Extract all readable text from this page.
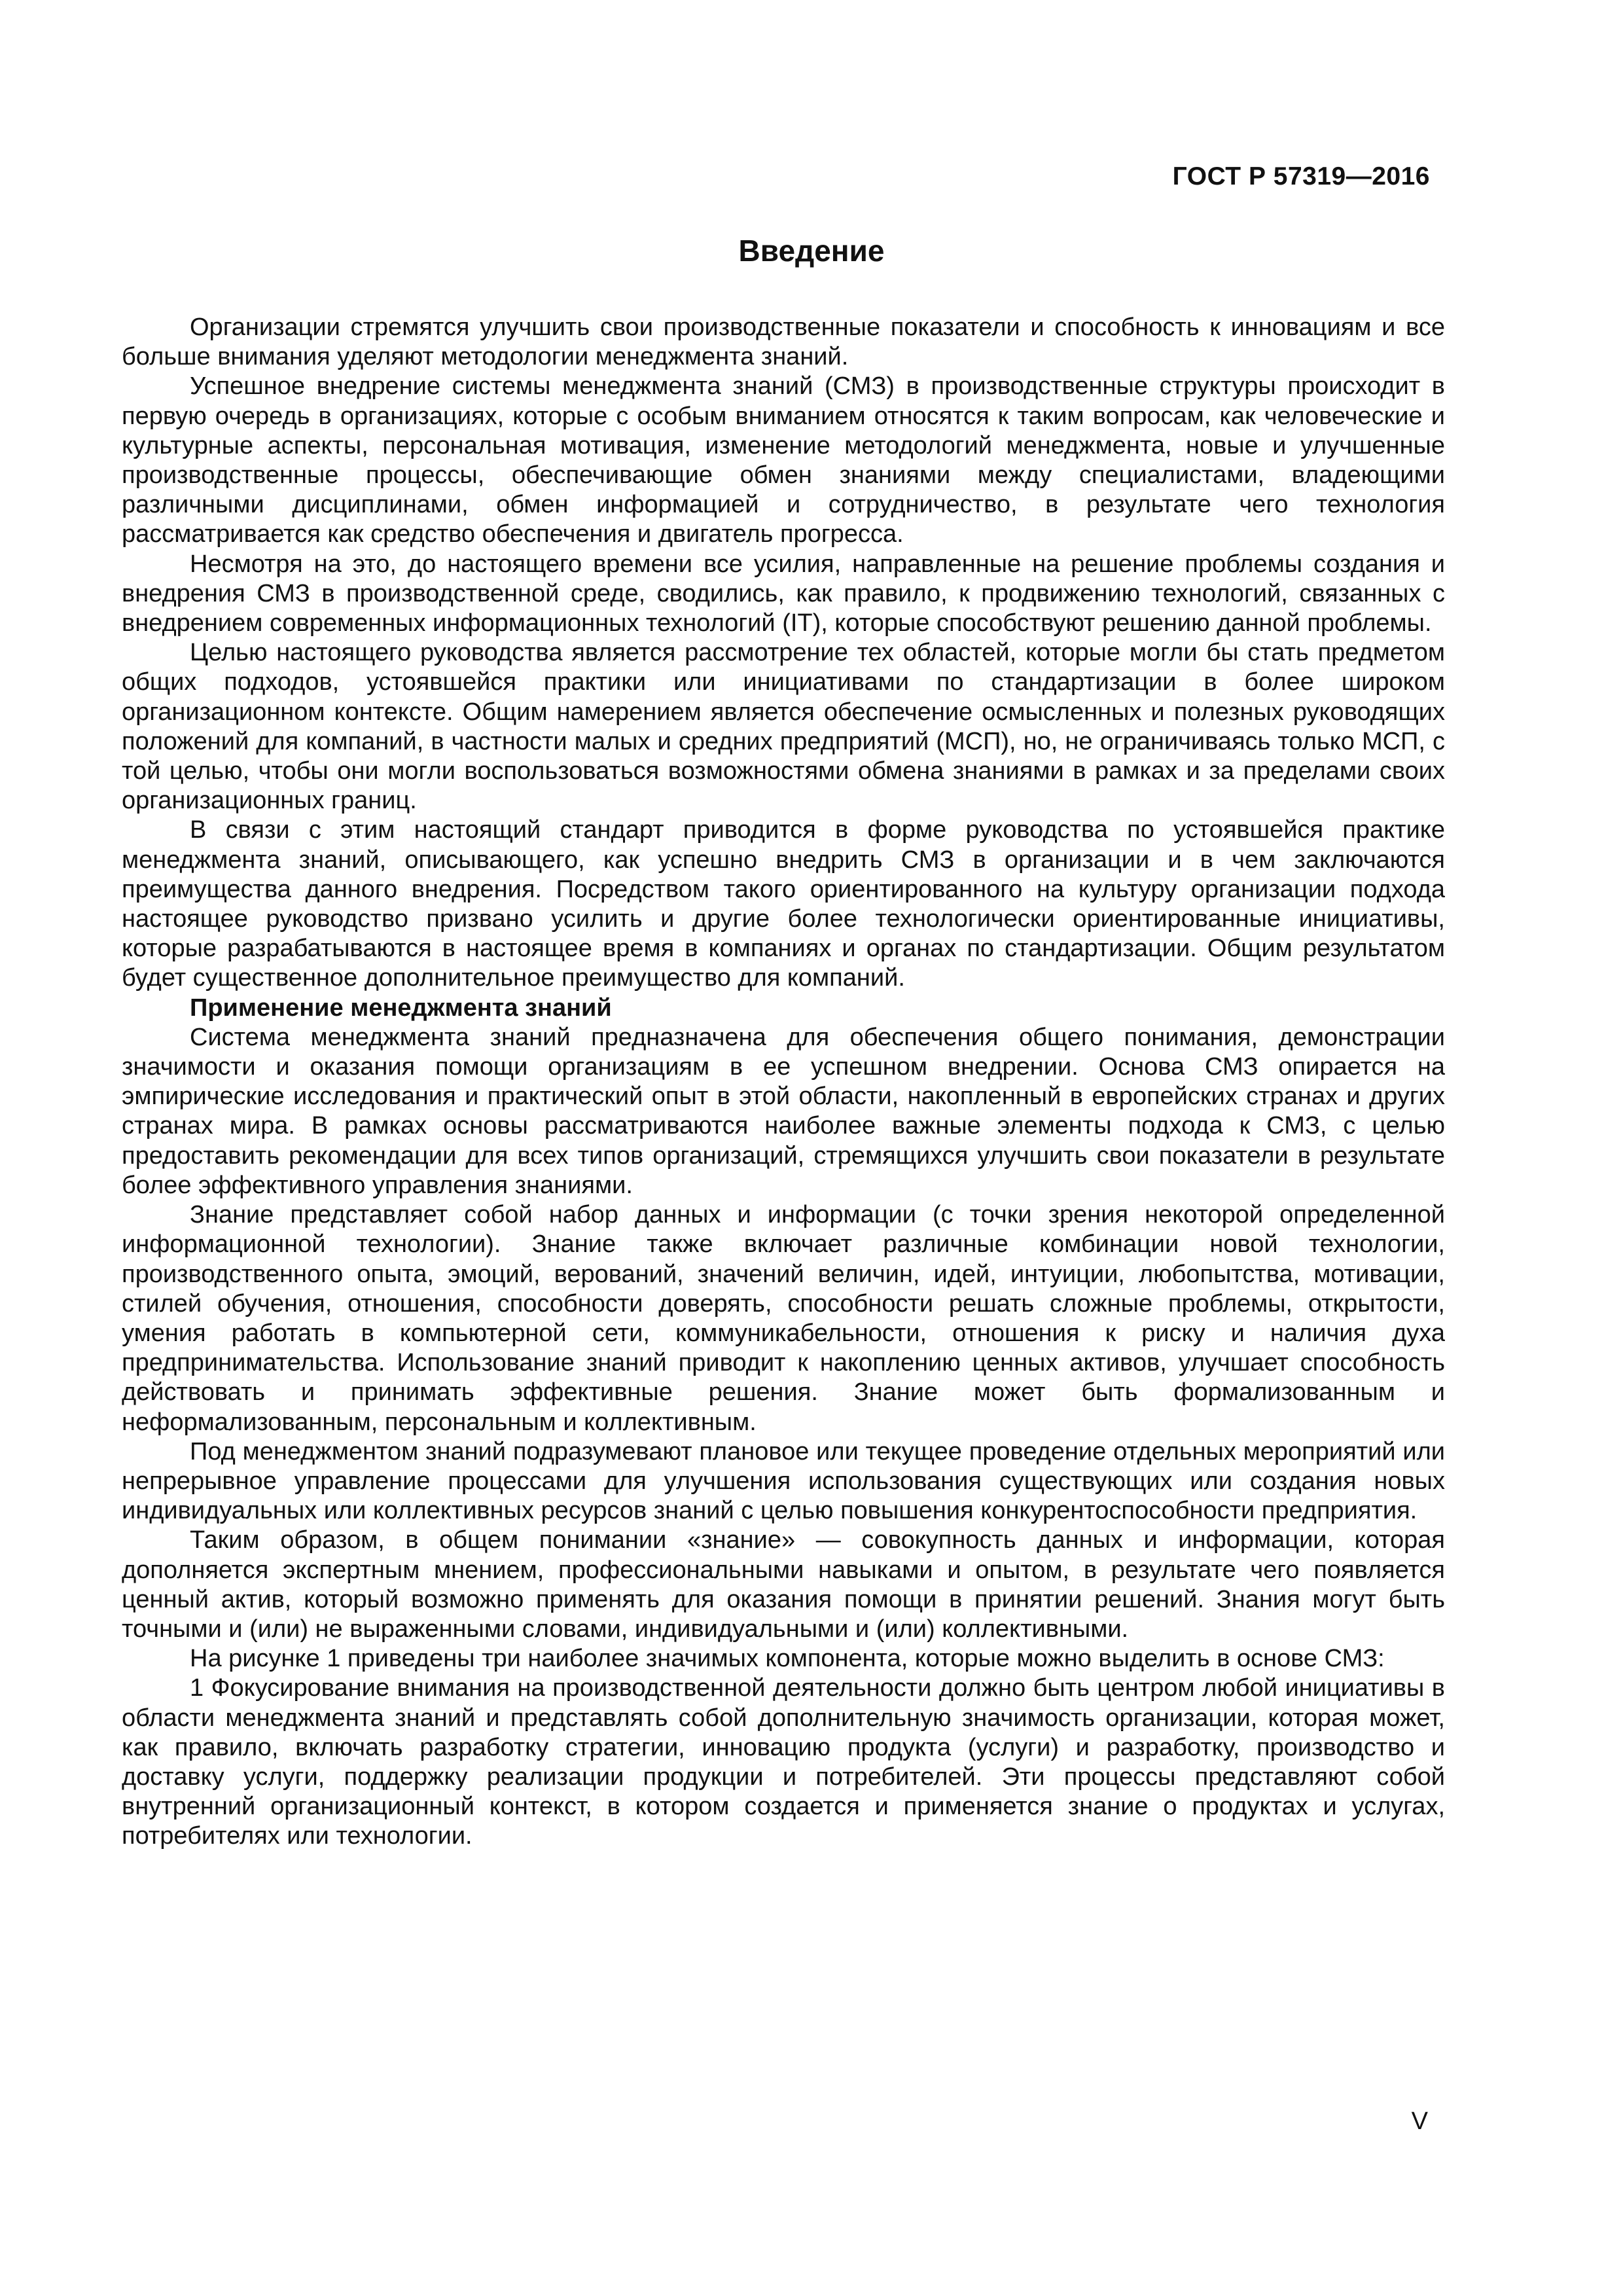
ГОСТ Р 57319—2016
Введение

Организации стремятся улучшить свои производственные показатели и способность к инновациям и все больше внимания уделяют методологии менеджмента знаний.

Успешное внедрение системы менеджмента знаний (СМЗ) в производственные структуры происходит в первую очередь в организациях, которые с особым вниманием относятся к таким вопросам, как человеческие и культурные аспекты, персональная мотивация, изменение методологий менеджмента, новые и улучшенные производственные процессы, обеспечивающие обмен знаниями между специалистами, владеющими различными дисциплинами, обмен информацией и сотрудничество, в результате чего технология рассматривается как средство обеспечения и двигатель прогресса.

Несмотря на это, до настоящего времени все усилия, направленные на решение проблемы создания и внедрения СМЗ в производственной среде, сводились, как правило, к продвижению технологий, связанных с внедрением современных информационных технологий (IT), которые способствуют решению данной проблемы.

Целью настоящего руководства является рассмотрение тех областей, которые могли бы стать предметом общих подходов, устоявшейся практики или инициативами по стандартизации в более широком организационном контексте. Общим намерением является обеспечение осмысленных и полезных руководящих положений для компаний, в частности малых и средних предприятий (МСП), но, не ограничиваясь только МСП, с той целью, чтобы они могли воспользоваться возможностями обмена знаниями в рамках и за пределами своих организационных границ.

В связи с этим настоящий стандарт приводится в форме руководства по устоявшейся практике менеджмента знаний, описывающего, как успешно внедрить СМЗ в организации и в чем заключаются преимущества данного внедрения. Посредством такого ориентированного на культуру организации подхода настоящее руководство призвано усилить и другие более технологически ориентированные инициативы, которые разрабатываются в настоящее время в компаниях и органах по стандартизации. Общим результатом будет существенное дополнительное преимущество для компаний.

Применение менеджмента знаний

Система менеджмента знаний предназначена для обеспечения общего понимания, демонстрации значимости и оказания помощи организациям в ее успешном внедрении. Основа СМЗ опирается на эмпирические исследования и практический опыт в этой области, накопленный в европейских странах и других странах мира. В рамках основы рассматриваются наиболее важные элементы подхода к СМЗ, с целью предоставить рекомендации для всех типов организаций, стремящихся улучшить свои показатели в результате более эффективного управления знаниями.

Знание представляет собой набор данных и информации (с точки зрения некоторой определенной информационной технологии). Знание также включает различные комбинации новой технологии, производственного опыта, эмоций, верований, значений величин, идей, интуиции, любопытства, мотивации, стилей обучения, отношения, способности доверять, способности решать сложные проблемы, открытости, умения работать в компьютерной сети, коммуникабельности, отношения к риску и наличия духа предпринимательства. Использование знаний приводит к накоплению ценных активов, улучшает способность действовать и принимать эффективные решения. Знание может быть формализованным и неформализованным, персональным и коллективным.

Под менеджментом знаний подразумевают плановое или текущее проведение отдельных мероприятий или непрерывное управление процессами для улучшения использования существующих или создания новых индивидуальных или коллективных ресурсов знаний с целью повышения конкурентоспособности предприятия.

Таким образом, в общем понимании «знание» — совокупность данных и информации, которая дополняется экспертным мнением, профессиональными навыками и опытом, в результате чего появляется ценный актив, который возможно применять для оказания помощи в принятии решений. Знания могут быть точными и (или) не выраженными словами, индивидуальными и (или) коллективными.

На рисунке 1 приведены три наиболее значимых компонента, которые можно выделить в основе СМЗ:

1 Фокусирование внимания на производственной деятельности должно быть центром любой инициативы в области менеджмента знаний и представлять собой дополнительную значимость организации, которая может, как правило, включать разработку стратегии, инновацию продукта (услуги) и разработку, производство и доставку услуги, поддержку реализации продукции и потребителей. Эти процессы представляют собой внутренний организационный контекст, в котором создается и применяется знание о продуктах и услугах, потребителях или технологии.

V
